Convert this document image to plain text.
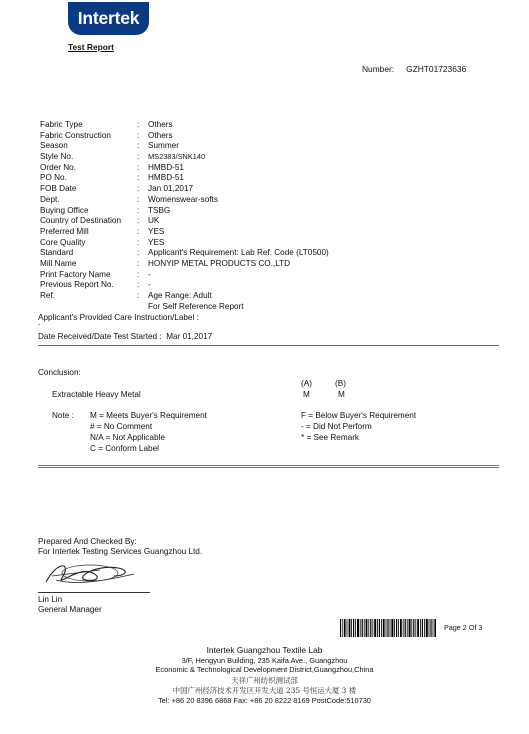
Intertek
Test Report
Number: GZHT01723636
Fabric Type	: Others
Fabric Construction	: Others
Season	: Summer
Style No.	: MS2383/SNK140
Order No.	: HMBD-51
PO No.	: HMBD-51
FOB Date	: Jan 01,2017
Dept.	: Womenswear-softs
Buying Office	: TSBG
Country of Destination : UK
Preferred Mill	: YES
Core Quality	: YES
Standard	: Applicant's Requirement: Lab Ref. Code (LT0500)
Mill Name	: HONYIP METAL PRODUCTS CO.,LTD
Print Factory Name	: -
Previous Report No.	: -
Ref.	: Age Range: Adult
For Self Reference Report
Applicant's Provided Care Instruction/Label :
-
Date Received/Date Test Started : Mar 01,2017
Conclusion:
(A)	(B)
Extractable Heavy Metal	M	M
Note : M = Meets Buyer's Requirement
# = No Comment
N/A = Not Applicable
C = Conform Label
F = Below Buyer's Requirement
- = Did Not Perform
* = See Remark
Prepared And Checked By:
For Intertek Testing Services Guangzhou Ltd.
Lin Lin
General Manager
Page 2 Of 3
Intertek Guangzhou Textile Lab
3/F, Hengyun Building, 235 Kaifa Ave., Guangzhou
Economic & Technological Development District,Guangzhou,China
天祥广州纺织测试部
中国广州经济技术开发区开发大道 235 号恒运大厦 3 楼
Tel: +86 20 8396 6868 Fax: +86 20 8222 8169 PostCode:510730
